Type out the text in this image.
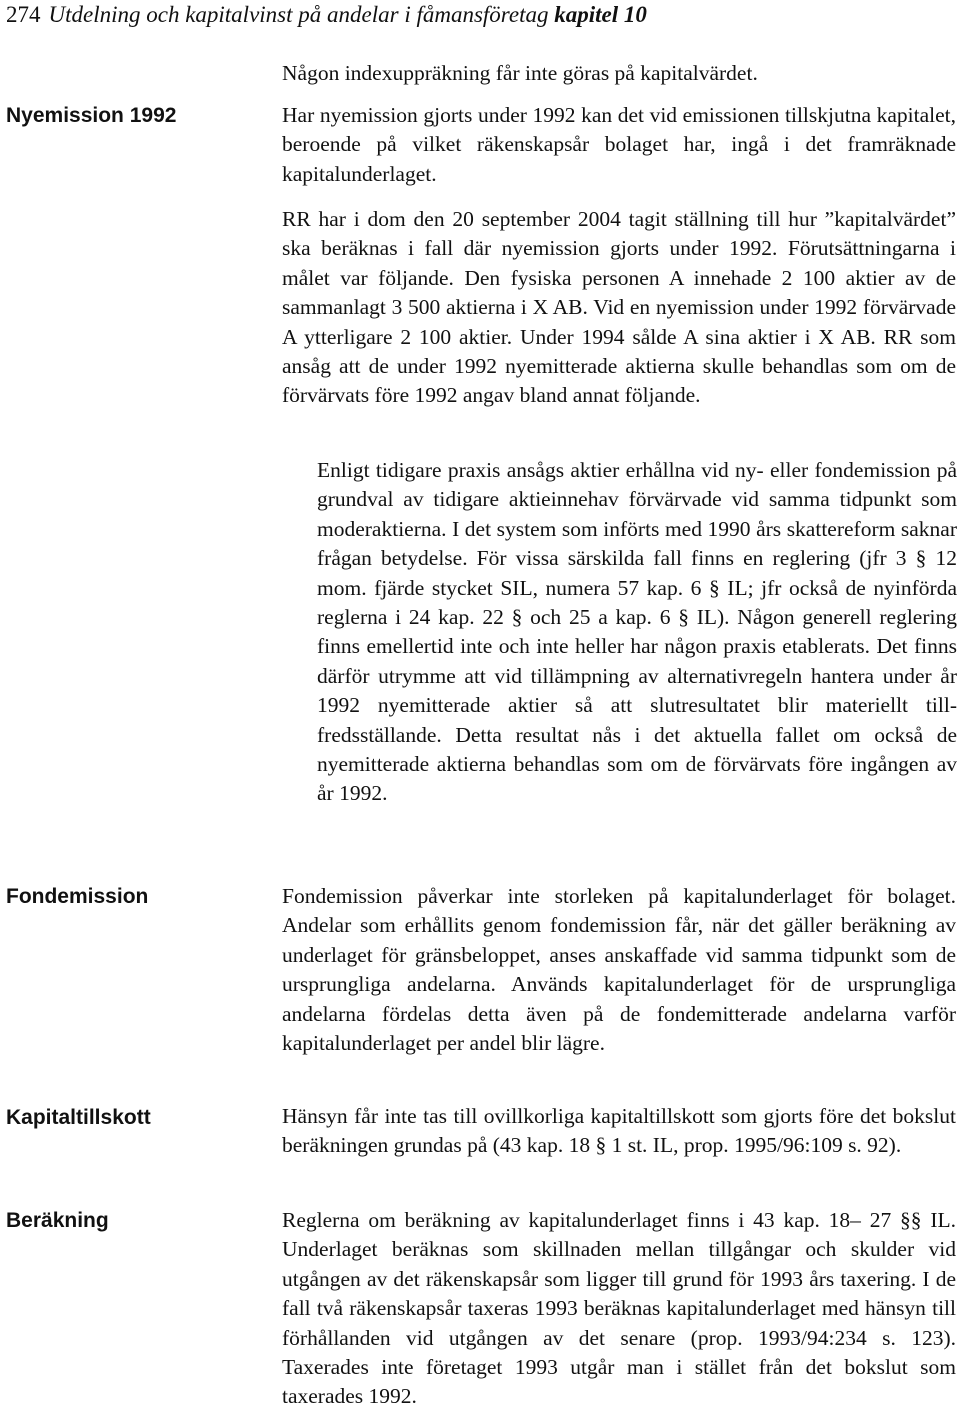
274 Utdelning och kapitalvinst på andelar i fåmansföretag kapitel 10
Nyemission 1992
Fondemission
Kapitaltillskott
Beräkning

Någon indexuppräkning får inte göras på kapitalvärdet.

Har nyemission gjorts under 1992 kan det vid emissionen tillskjutna kapitalet, beroende på vilket räkenskapsår bolaget har, ingå i det framräknade kapitalunderlaget.

RR har i dom den 20 september 2004 tagit ställning till hur ”kapitalvärdet” ska beräknas i fall där nyemission gjorts under 1992. Förutsättningarna i målet var följande. Den fysiska personen A innehade 2 100 aktier av de sammanlagt 3 500 aktierna i X AB. Vid en nyemission under 1992 förvärvade A ytterligare 2 100 aktier. Under 1994 sålde A sina aktier i X AB. RR som ansåg att de under 1992 nyemitterade aktierna skulle behandlas som om de förvärvats före 1992 angav bland annat följande.

Enligt tidigare praxis ansågs aktier erhållna vid ny- eller fondemission på grundval av tidigare aktieinnehav förvärvade vid samma tidpunkt som moderaktierna. I det system som införts med 1990 års skattereform saknar frågan betydelse. För vissa särskilda fall finns en reglering (jfr 3 § 12 mom. fjärde stycket SIL, numera 57 kap. 6 § IL; jfr också de nyinförda reglerna i 24 kap. 22 § och 25 a kap. 6 § IL). Någon generell reglering finns emellertid inte och inte heller har någon praxis etablerats. Det finns därför utrymme att vid tillämpning av alternativregeln hantera under år 1992 nyemitterade aktier så att slutresultatet blir materiellt tillfredsställande. Detta resultat nås i det aktuella fallet om också de nyemitterade aktierna behandlas som om de förvärvats före ingången av år 1992.

Fondemission påverkar inte storleken på kapitalunderlaget för bolaget. Andelar som erhållits genom fondemission får, när det gäller beräkning av underlaget för gränsbeloppet, anses anskaffade vid samma tidpunkt som de ursprungliga andelarna. Används kapitalunderlaget för de ursprungliga andelarna fördelas detta även på de fondemitterade andelarna varför kapitalunderlaget per andel blir lägre.

Hänsyn får inte tas till ovillkorliga kapitaltillskott som gjorts före det bokslut beräkningen grundas på (43 kap. 18 § 1 st. IL, prop. 1995/96:109 s. 92).

Reglerna om beräkning av kapitalunderlaget finns i 43 kap. 18– 27 §§ IL. Underlaget beräknas som skillnaden mellan tillgångar och skulder vid utgången av det räkenskapsår som ligger till grund för 1993 års taxering. I de fall två räkenskapsår taxeras 1993 beräknas kapitalunderlaget med hänsyn till förhållanden vid utgången av det senare (prop. 1993/94:234 s. 123). Taxerades inte företaget 1993 utgår man i stället från det bokslut som taxerades 1992.
